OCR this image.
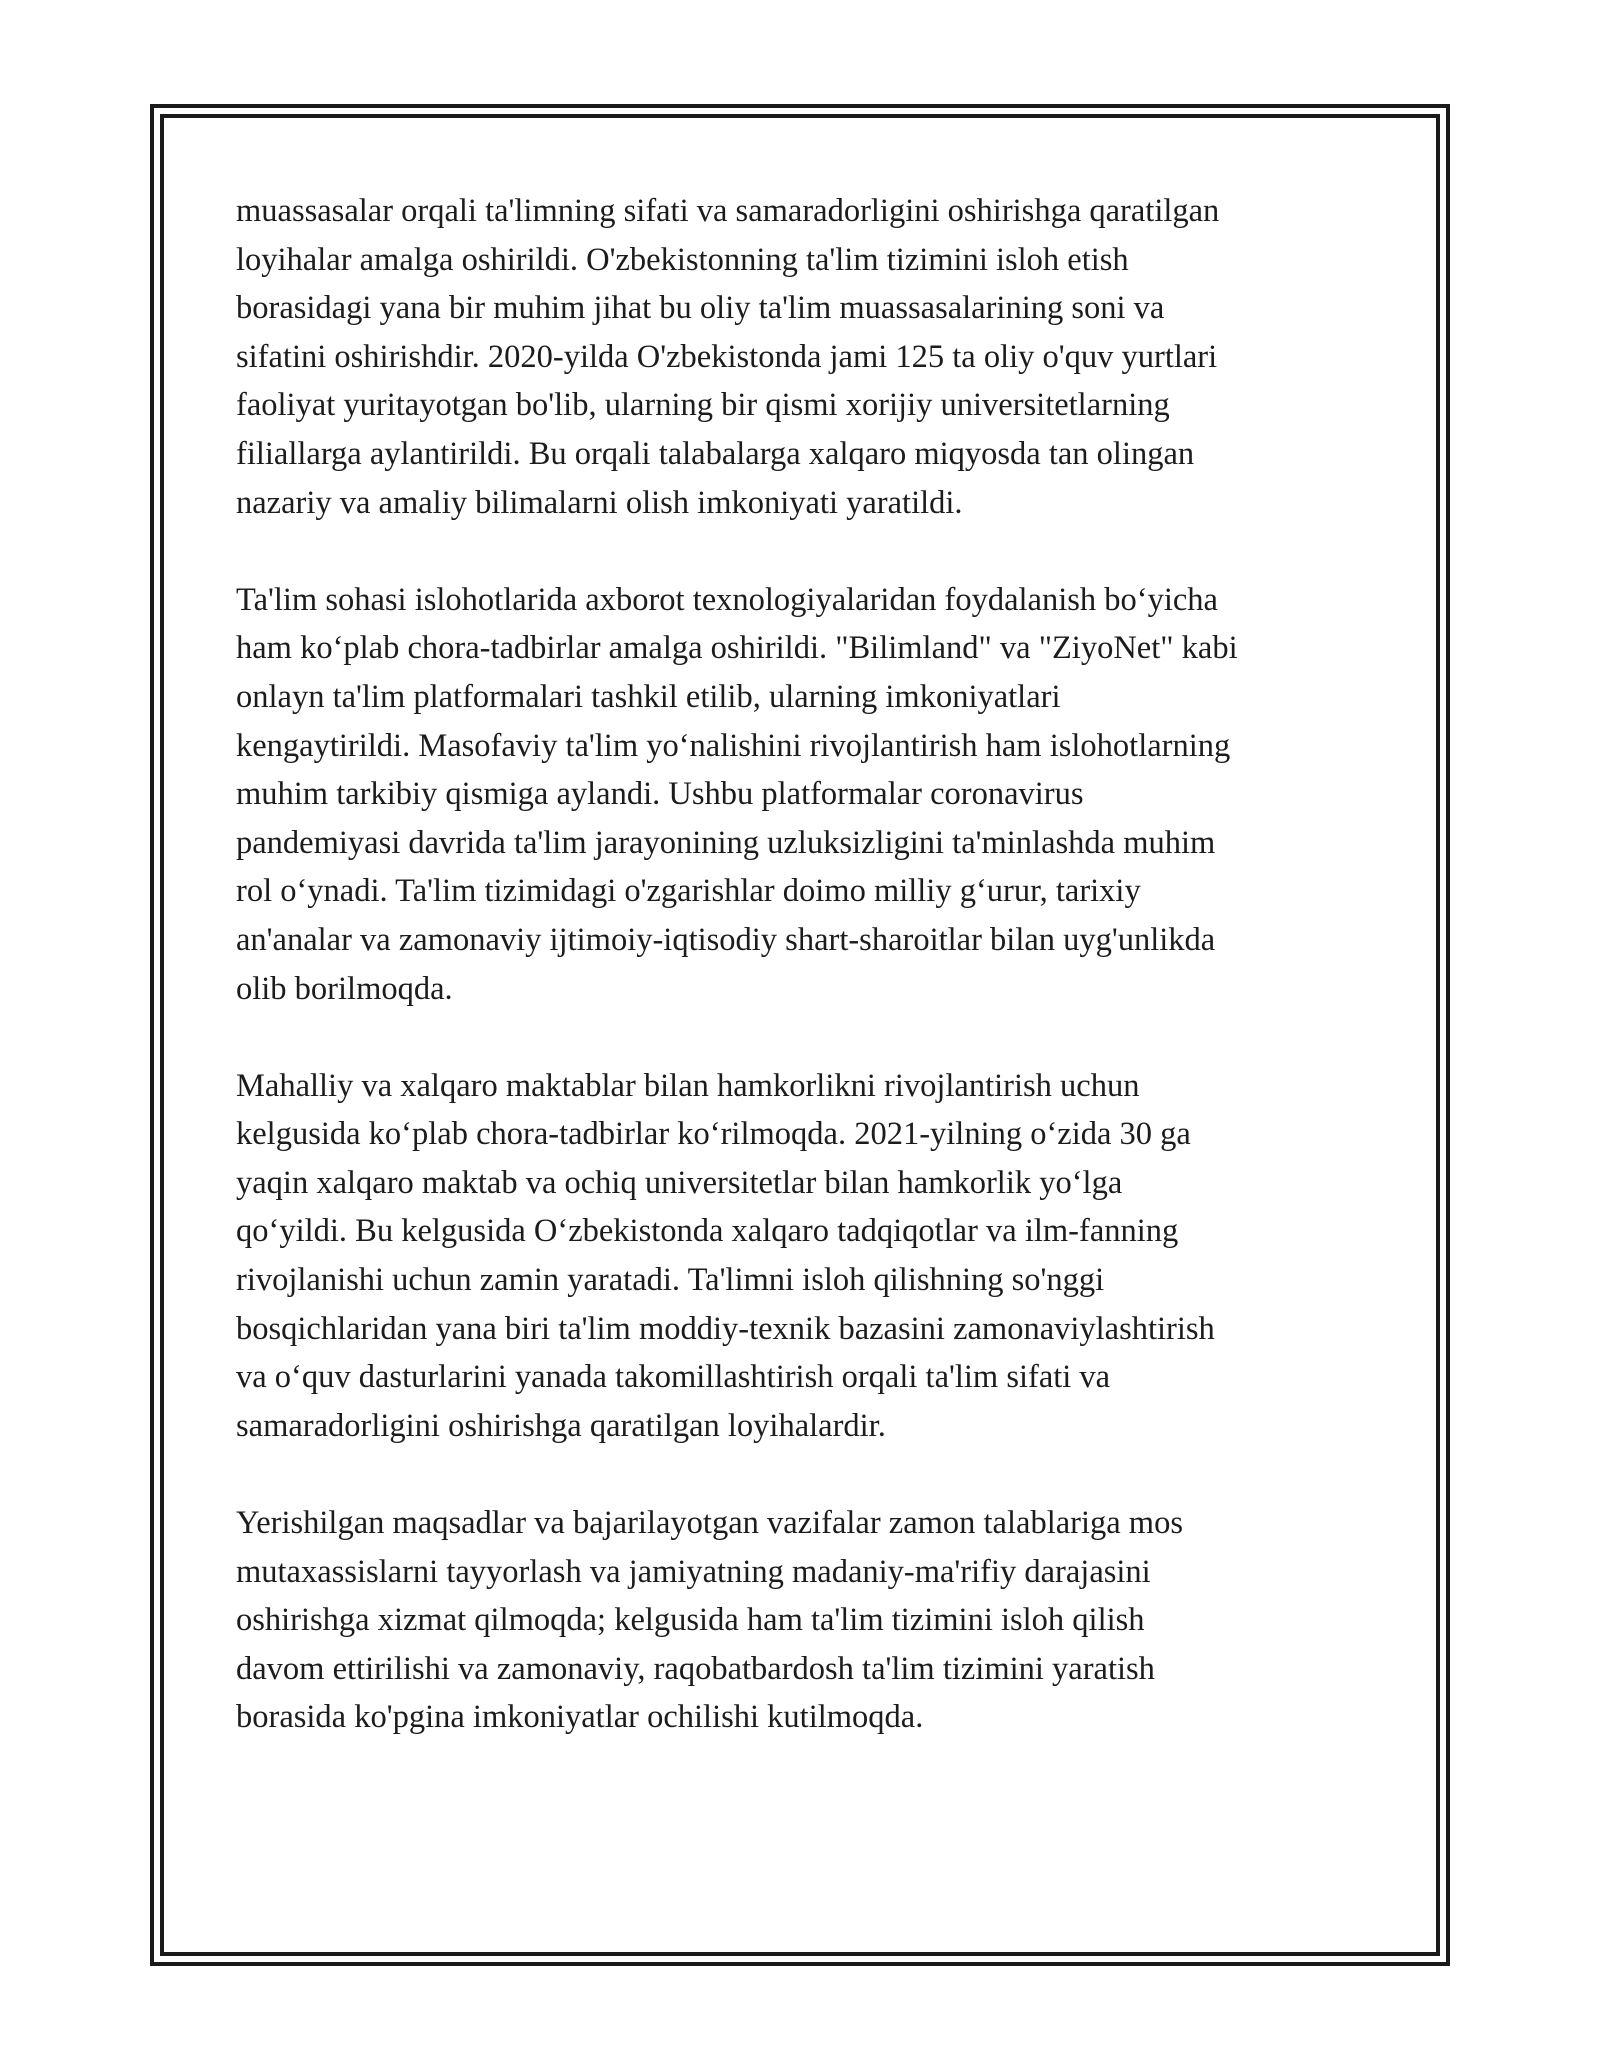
muassasalar orqali ta'limning sifati va samaradorligini oshirishga qaratilgan
loyihalar amalga oshirildi. O'zbekistonning ta'lim tizimini isloh etish
borasidagi yana bir muhim jihat bu oliy ta'lim muassasalarining soni va
sifatini oshirishdir. 2020-yilda O'zbekistonda jami 125 ta oliy o'quv yurtlari
faoliyat yuritayotgan bo'lib, ularning bir qismi xorijiy universitetlarning
filiallarga aylantirildi. Bu orqali talabalarga xalqaro miqyosda tan olingan
nazariy va amaliy bilimalarni olish imkoniyati yaratildi.

Ta'lim sohasi islohotlarida axborot texnologiyalaridan foydalanish bo‘yicha
ham ko‘plab chora-tadbirlar amalga oshirildi. "Bilimland" va "ZiyoNet" kabi
onlayn ta'lim platformalari tashkil etilib, ularning imkoniyatlari
kengaytirildi. Masofaviy ta'lim yo‘nalishini rivojlantirish ham islohotlarning
muhim tarkibiy qismiga aylandi. Ushbu platformalar coronavirus
pandemiyasi davrida ta'lim jarayonining uzluksizligini ta'minlashda muhim
rol o‘ynadi. Ta'lim tizimidagi o'zgarishlar doimo milliy g‘urur, tarixiy
an'analar va zamonaviy ijtimoiy-iqtisodiy shart-sharoitlar bilan uyg'unlikda
olib borilmoqda.

Mahalliy va xalqaro maktablar bilan hamkorlikni rivojlantirish uchun
kelgusida ko‘plab chora-tadbirlar ko‘rilmoqda. 2021-yilning o‘zida 30 ga
yaqin xalqaro maktab va ochiq universitetlar bilan hamkorlik yo‘lga
qo‘yildi. Bu kelgusida O‘zbekistonda xalqaro tadqiqotlar va ilm-fanning
rivojlanishi uchun zamin yaratadi. Ta'limni isloh qilishning so'nggi
bosqichlaridan yana biri ta'lim moddiy-texnik bazasini zamonaviylashtirish
va o‘quv dasturlarini yanada takomillashtirish orqali ta'lim sifati va
samaradorligini oshirishga qaratilgan loyihalardir.

Yerishilgan maqsadlar va bajarilayotgan vazifalar zamon talablariga mos
mutaxassislarni tayyorlash va jamiyatning madaniy-ma'rifiy darajasini
oshirishga xizmat qilmoqda; kelgusida ham ta'lim tizimini isloh qilish
davom ettirilishi va zamonaviy, raqobatbardosh ta'lim tizimini yaratish
borasida ko'pgina imkoniyatlar ochilishi kutilmoqda.
